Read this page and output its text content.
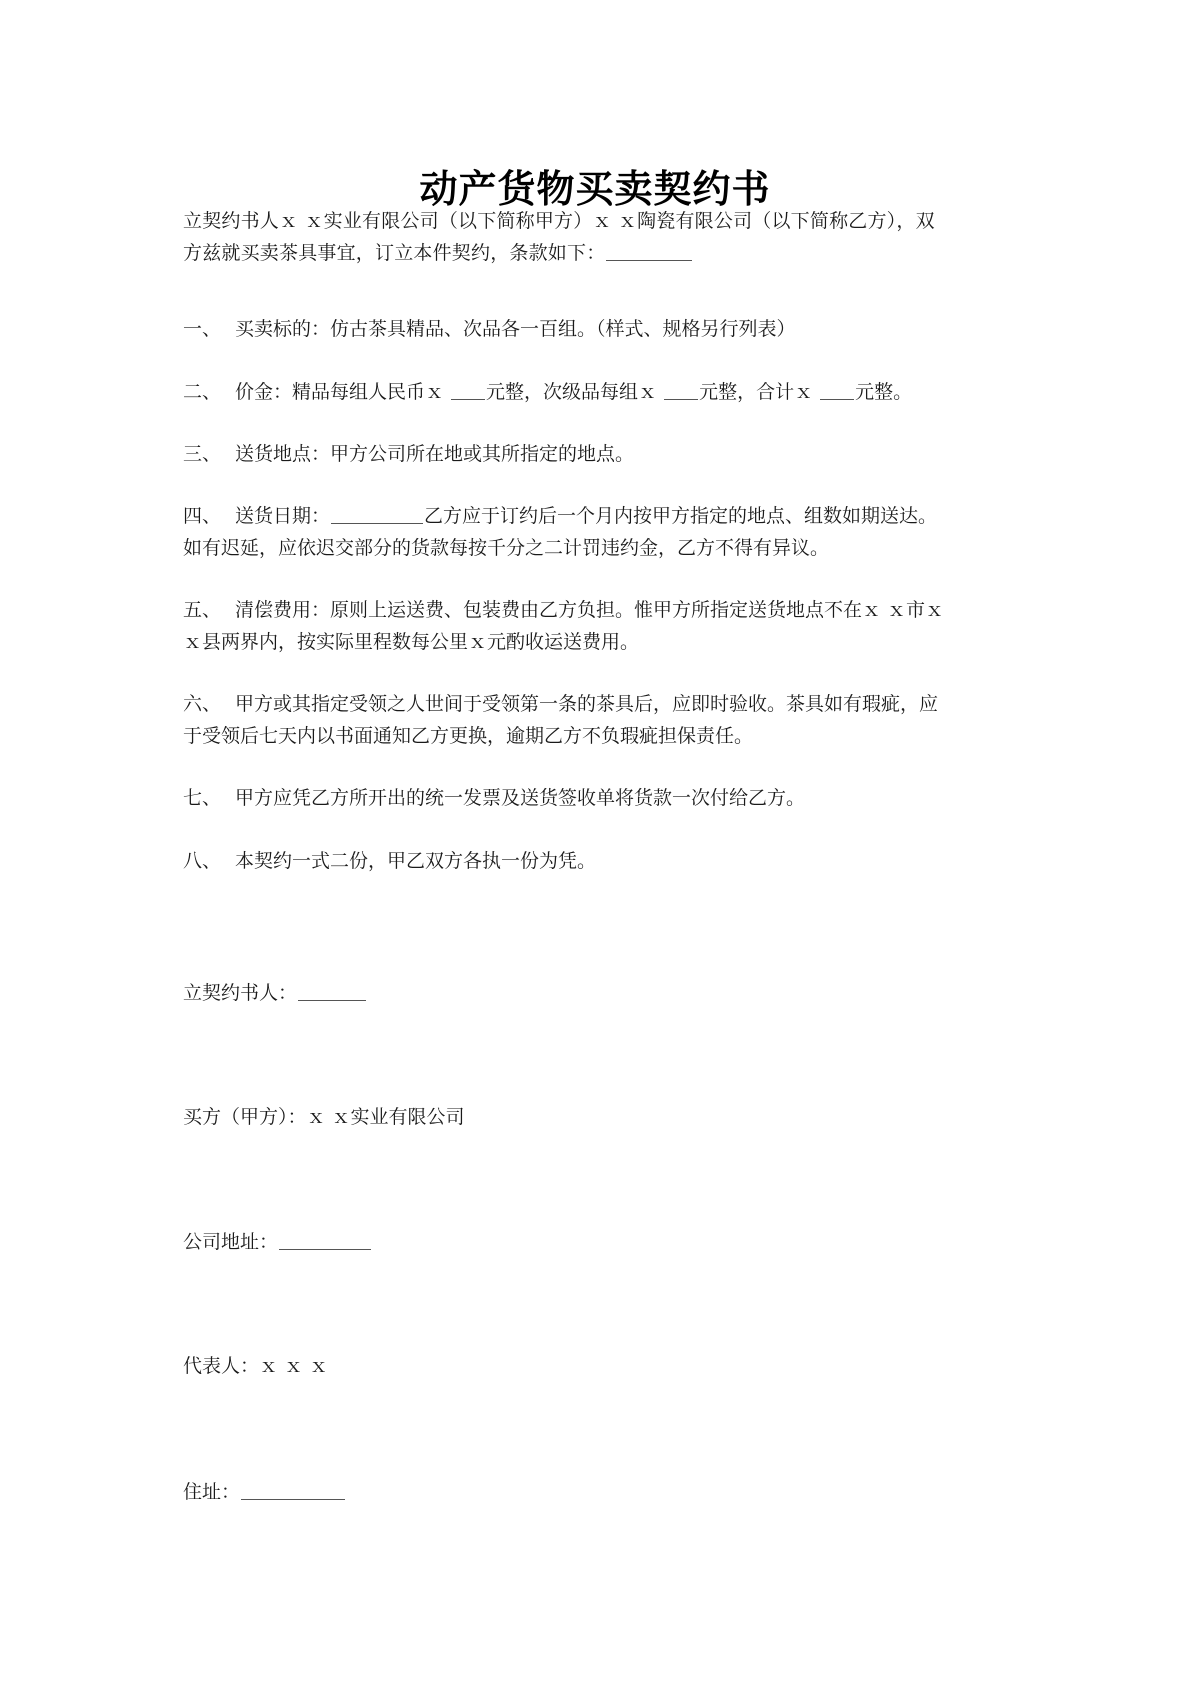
动产货物买卖契约书
立契约书人ｘ ｘ实业有限公司（以下简称甲方）ｘ ｘ陶瓷有限公司（以下简称乙方），双
方兹就买卖茶具事宜，订立本件契约，条款如下：
一、 买卖标的：仿古茶具精品、次品各一百组。（样式、规格另行列表）
二、 价金：精品每组人民币ｘ 元整，次级品每组ｘ 元整，合计ｘ 元整。
三、 送货地点：甲方公司所在地或其所指定的地点。
四、 送货日期：	乙方应于订约后一个月内按甲方指定的地点、组数如期送达。
如有迟延，应依迟交部分的货款每按千分之二计罚违约金，乙方不得有异议。
五、 清偿费用：原则上运送费、包装费由乙方负担。惟甲方所指定送货地点不在ｘ ｘ市ｘ
ｘ县两界内，按实际里程数每公里ｘ元酌收运送费用。
六、 甲方或其指定受领之人世间于受领第一条的茶具后，应即时验收。茶具如有瑕疵，应
于受领后七天内以书面通知乙方更换，逾期乙方不负瑕疵担保责任。
七、 甲方应凭乙方所开出的统一发票及送货签收单将货款一次付给乙方。
八、 本契约一式二份，甲乙双方各执一份为凭。
立契约书人：
买方（甲方）：ｘ ｘ实业有限公司
公司地址：
代表人：ｘ ｘ ｘ
住址：
